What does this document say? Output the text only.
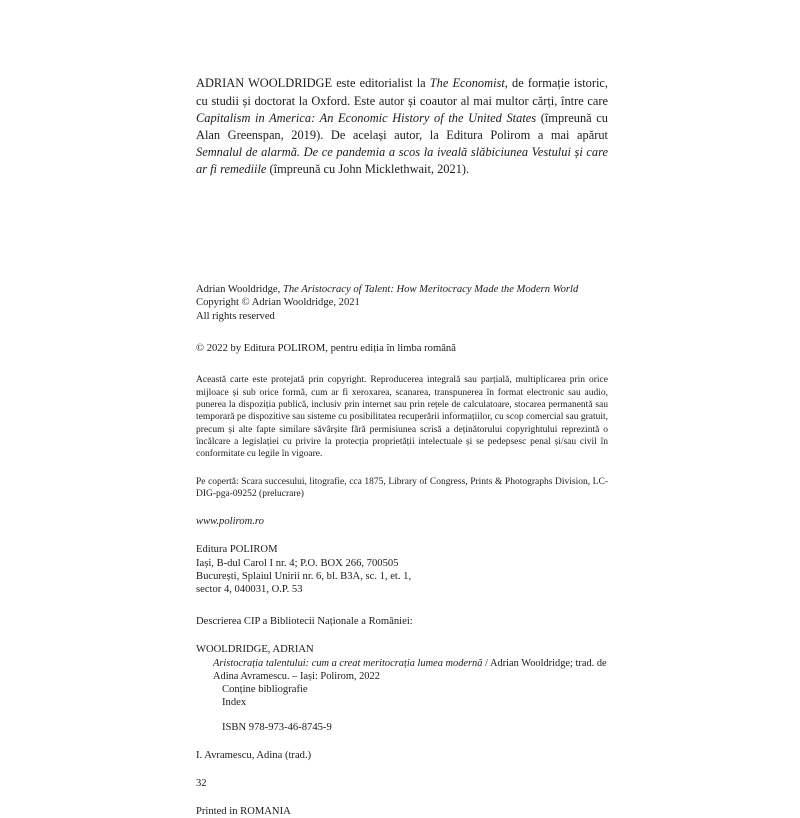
ADRIAN WOOLDRIDGE este editorialist la The Economist, de formație istoric, cu studii și doctorat la Oxford. Este autor și coautor al mai multor cărți, între care Capitalism in America: An Economic History of the United States (împreună cu Alan Greenspan, 2019). De același autor, la Editura Polirom a mai apărut Semnalul de alarmă. De ce pandemia a scos la iveală slăbiciunea Vestului și care ar fi remediile (împreună cu John Micklethwait, 2021).

Adrian Wooldridge, The Aristocracy of Talent: How Meritocracy Made the Modern World
Copyright © Adrian Wooldridge, 2021
All rights reserved
© 2022 by Editura POLIROM, pentru ediția în limba română
Această carte este protejată prin copyright. Reproducerea integrală sau parțială, multiplicarea prin orice mijloace și sub orice formă, cum ar fi xeroxarea, scanarea, transpunerea în format electronic sau audio, punerea la dispoziția publică, inclusiv prin internet sau prin rețele de calculatoare, stocarea permanentă sau temporară pe dispozitive sau sisteme cu posibilitatea recuperării informațiilor, cu scop comercial sau gratuit, precum și alte fapte similare săvârșite fără permisiunea scrisă a deținătorului copyrightului reprezintă o încălcare a legislației cu privire la protecția proprietății intelectuale și se pedepsesc penal și/sau civil în conformitate cu legile în vigoare.
Pe copertă: Scara succesului, litografie, cca 1875, Library of Congress, Prints & Photographs Division, LC-DIG-pga-09252 (prelucrare)
www.polirom.ro
Editura POLIROM
Iași, B-dul Carol I nr. 4; P.O. BOX 266, 700505
București, Splaiul Unirii nr. 6, bl. B3A, sc. 1, et. 1,
sector 4, 040031, O.P. 53
Descrierea CIP a Bibliotecii Naționale a României:
WOOLDRIDGE, ADRIAN
Aristocrația talentului: cum a creat meritocrația lumea modernă / Adrian Wooldridge; trad. de Adina Avramescu. – Iași: Polirom, 2022
Conține bibliografie
Index
ISBN 978-973-46-8745-9
I. Avramescu, Adina (trad.)
32
Printed in ROMANIA
